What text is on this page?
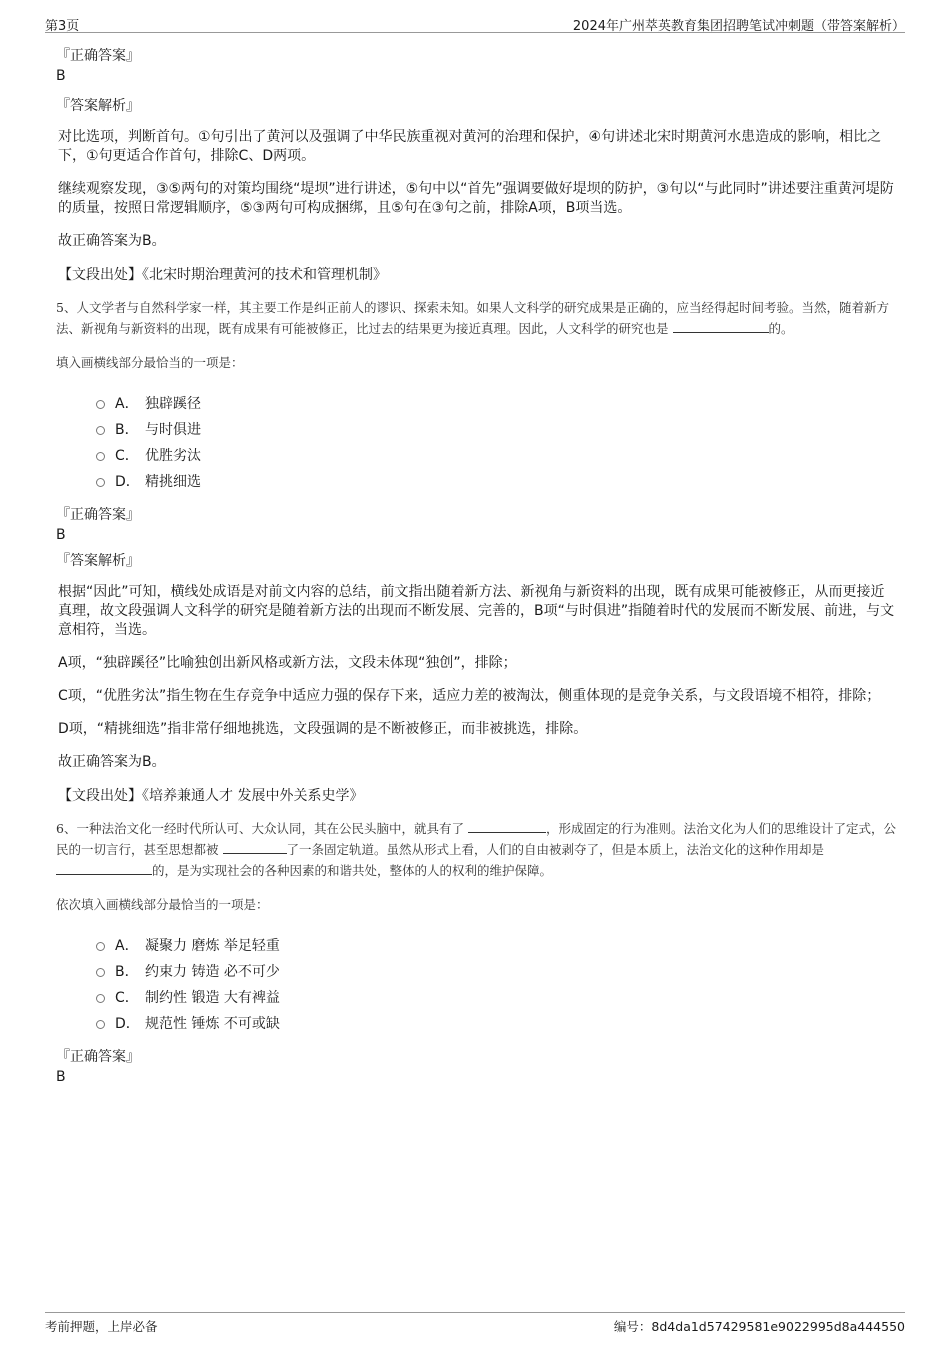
第3页	2024年广州萃英教育集团招聘笔试冲刺题（带答案解析）

『正确答案』

B

『答案解析』

对比选项，判断首句。①句引出了黄河以及强调了中华民族重视对黄河的治理和保护，④句讲述北宋时期黄河水患造成的影响，相比之下，①句更适合作首句，排除C、D两项。

继续观察发现，③⑤两句的对策均围绕“堤坝”进行讲述，⑤句中以“首先”强调要做好堤坝的防护，③句以“与此同时”讲述要注重黄河堤防的质量，按照日常逻辑顺序，⑤③两句可构成捆绑，且⑤句在③句之前，排除A项，B项当选。

故正确答案为B。

【文段出处】《北宋时期治理黄河的技术和管理机制》

5、人文学者与自然科学家一样，其主要工作是纠正前人的谬识、探索未知。如果人文科学的研究成果是正确的，应当经得起时间考验。当然，随着新方法、新视角与新资料的出现，既有成果有可能被修正，比过去的结果更为接近真理。因此，人文科学的研究也是	的。

填入画横线部分最恰当的一项是：

A． 独辟蹊径
B． 与时俱进
C． 优胜劣汰
D． 精挑细选

『正确答案』

B

『答案解析』

根据“因此”可知，横线处成语是对前文内容的总结，前文指出随着新方法、新视角与新资料的出现，既有成果可能被修正，从而更接近真理，故文段强调人文科学的研究是随着新方法的出现而不断发展、完善的，B项“与时俱进”指随着时代的发展而不断发展、前进，与文意相符，当选。

A项，“独辟蹊径”比喻独创出新风格或新方法，文段未体现“独创”，排除；

C项，“优胜劣汰”指生物在生存竞争中适应力强的保存下来，适应力差的被淘汰，侧重体现的是竞争关系，与文段语境不相符，排除；

D项，“精挑细选”指非常仔细地挑选，文段强调的是不断被修正，而非被挑选，排除。

故正确答案为B。

【文段出处】《培养兼通人才 发展中外关系史学》

6、一种法治文化一经时代所认可、大众认同，其在公民头脑中，就具有了	，形成固定的行为准则。法治文化为人们的思维设计了定式，公民的一切言行，甚至思想都被	了一条固定轨道。虽然从形式上看，人们的自由被剥夺了，但是本质上，法治文化的这种作用却是 的，是为实现社会的各种因素的和谐共处，整体的人的权利的维护保障。

依次填入画横线部分最恰当的一项是：

A． 凝聚力 磨炼 举足轻重
B． 约束力 铸造 必不可少
C． 制约性 锻造 大有裨益
D． 规范性 锤炼 不可或缺

『正确答案』

B

考前押题，上岸必备	编号：8d4da1d57429581e9022995d8a444550
